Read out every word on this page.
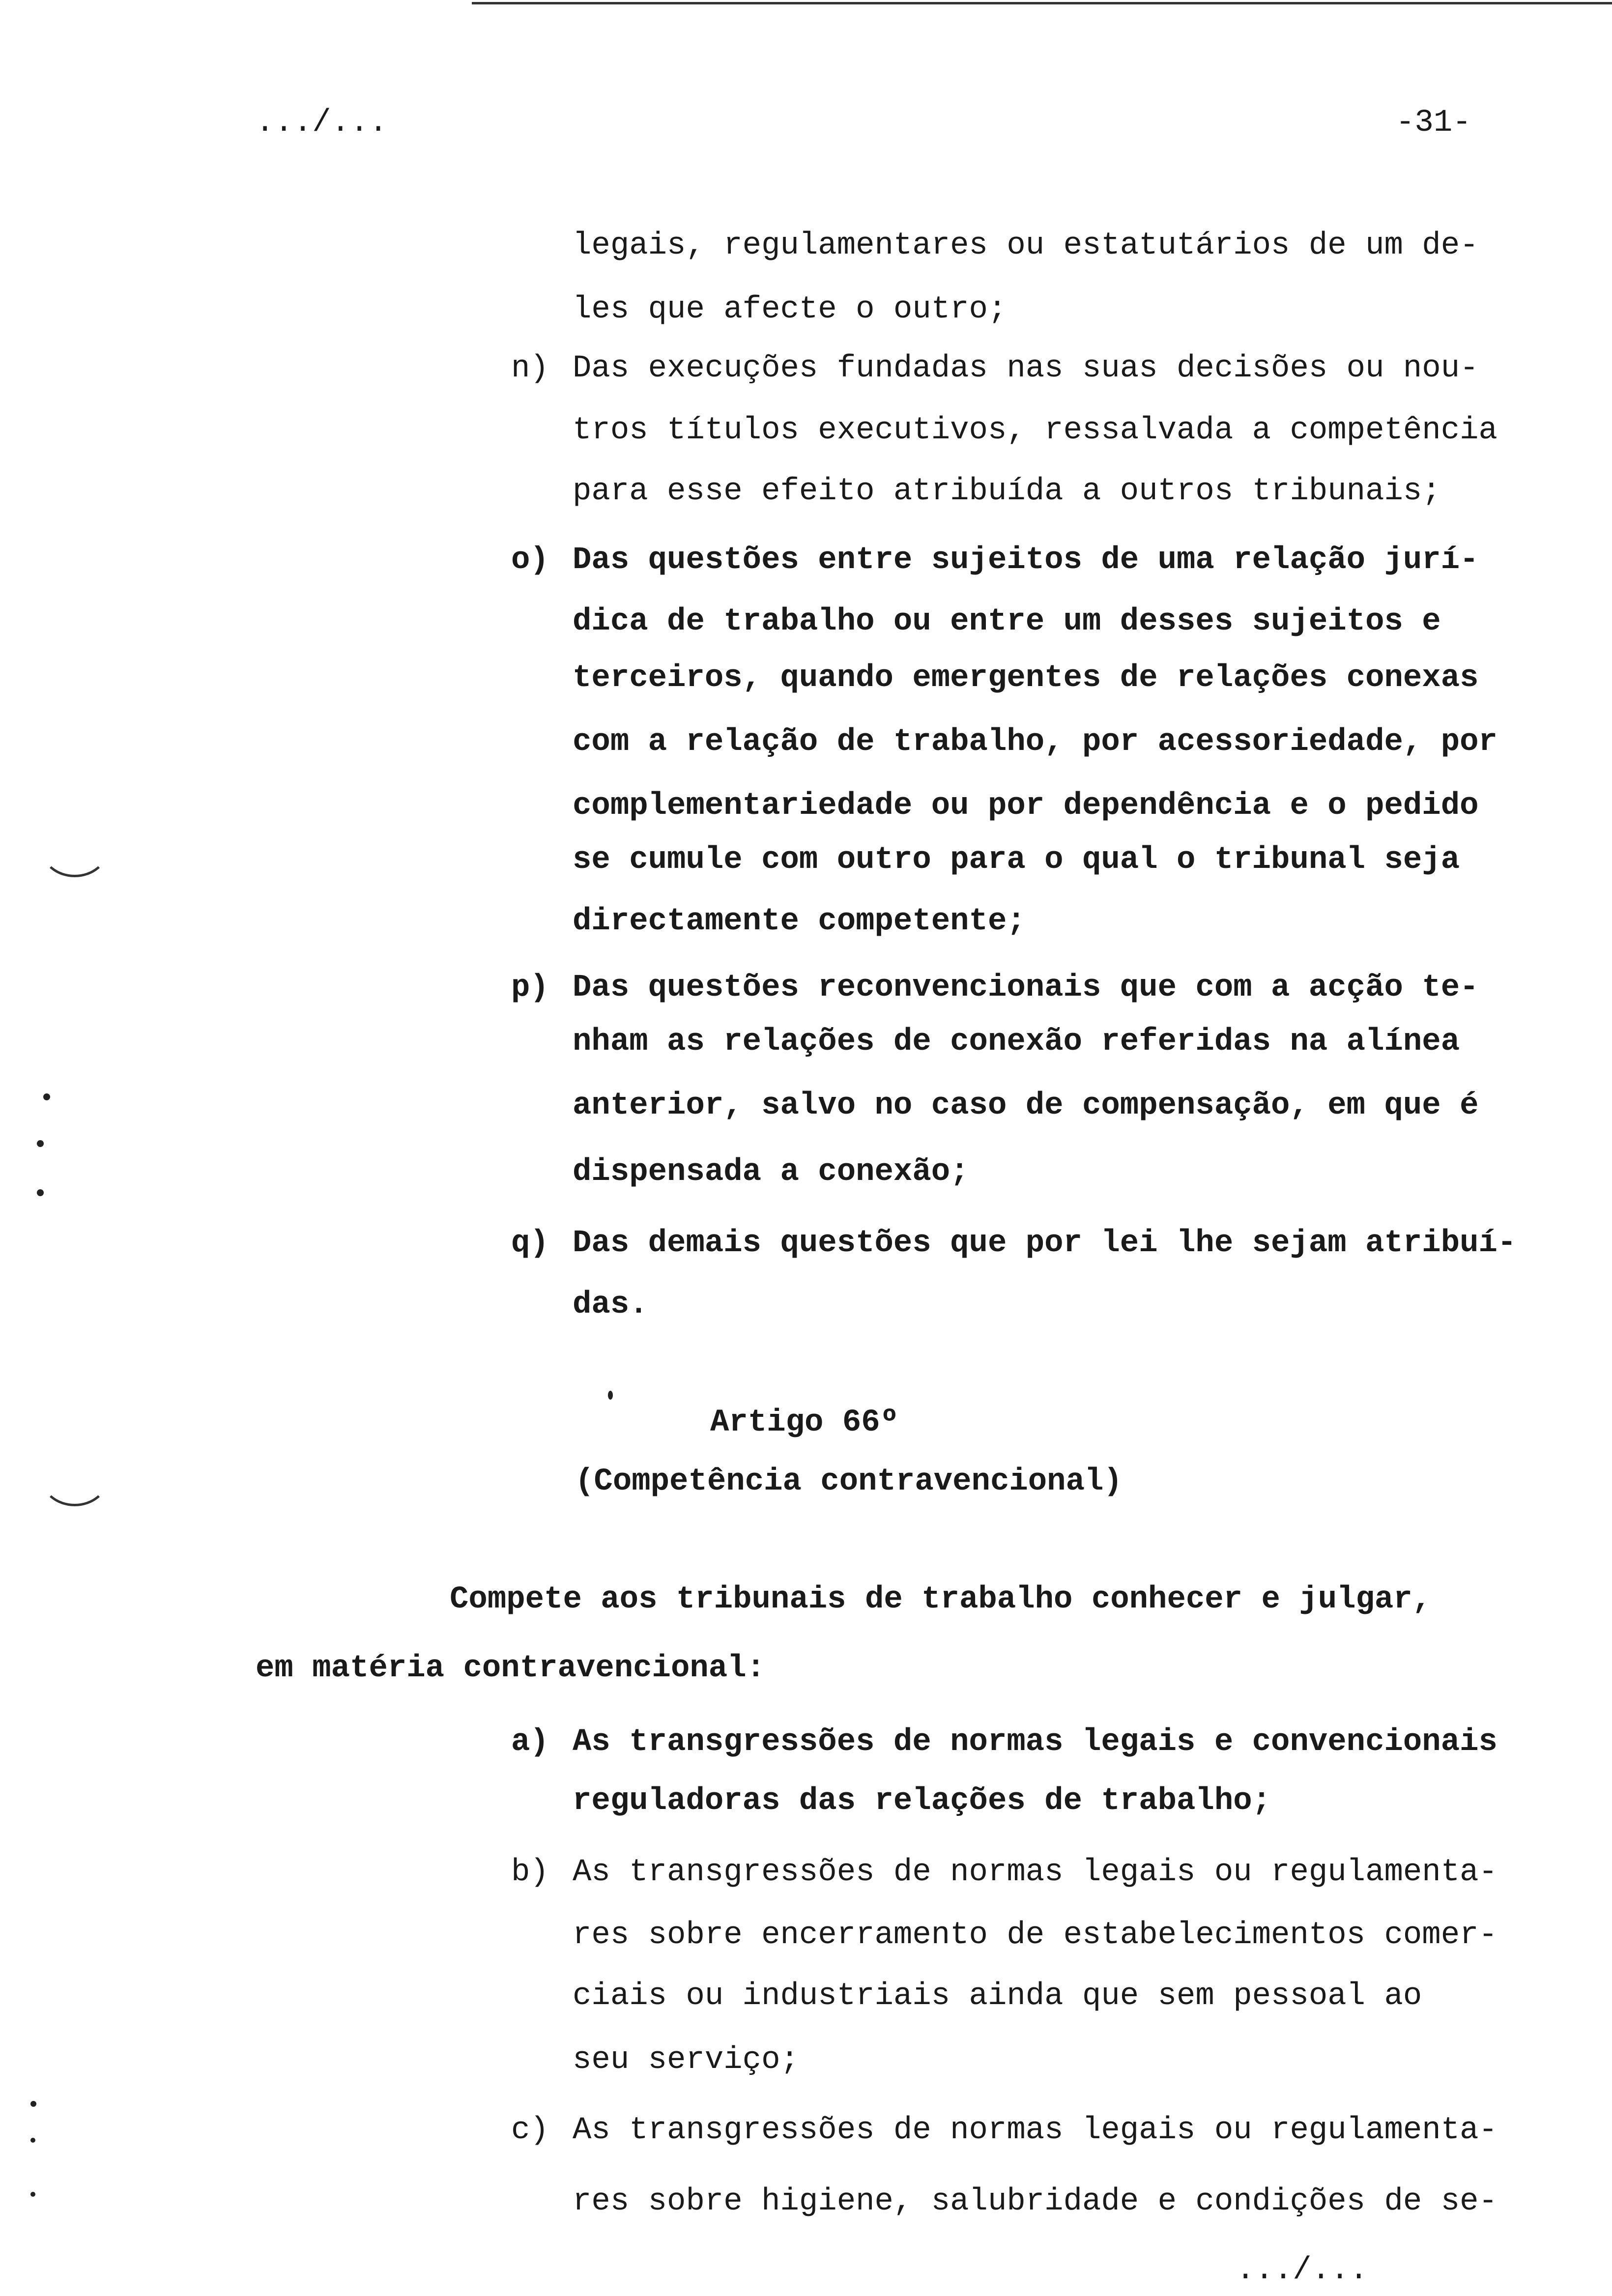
.../...	-31-
legais, regulamentares ou estatutários de um de-
les que afecte o outro;
n) Das execuções fundadas nas suas decisões ou nou-
tros títulos executivos, ressalvada a competência
para esse efeito atribuída a outros tribunais;
o) Das questões entre sujeitos de uma relação jurí-
dica de trabalho ou entre um desses sujeitos e
terceiros, quando emergentes de relações conexas
com a relação de trabalho, por acessoriedade, por
complementariedade ou por dependência e o pedido
se cumule com outro para o qual o tribunal seja
directamente competente;
p) Das questões reconvencionais que com a acção te-
nham as relações de conexão referidas na alínea
anterior, salvo no caso de compensação, em que é
dispensada a conexão;
q) Das demais questões que por lei lhe sejam atribuí-
das.
Artigo 66º
(Competência contravencional)
Compete aos tribunais de trabalho conhecer e julgar,
em matéria contravencional:
a) As transgressões de normas legais e convencionais
reguladoras das relações de trabalho;
b) As transgressões de normas legais ou regulamenta-
res sobre encerramento de estabelecimentos comer-
ciais ou industriais ainda que sem pessoal ao
seu serviço;
c) As transgressões de normas legais ou regulamenta-
res sobre higiene, salubridade e condições de se-
.../...
